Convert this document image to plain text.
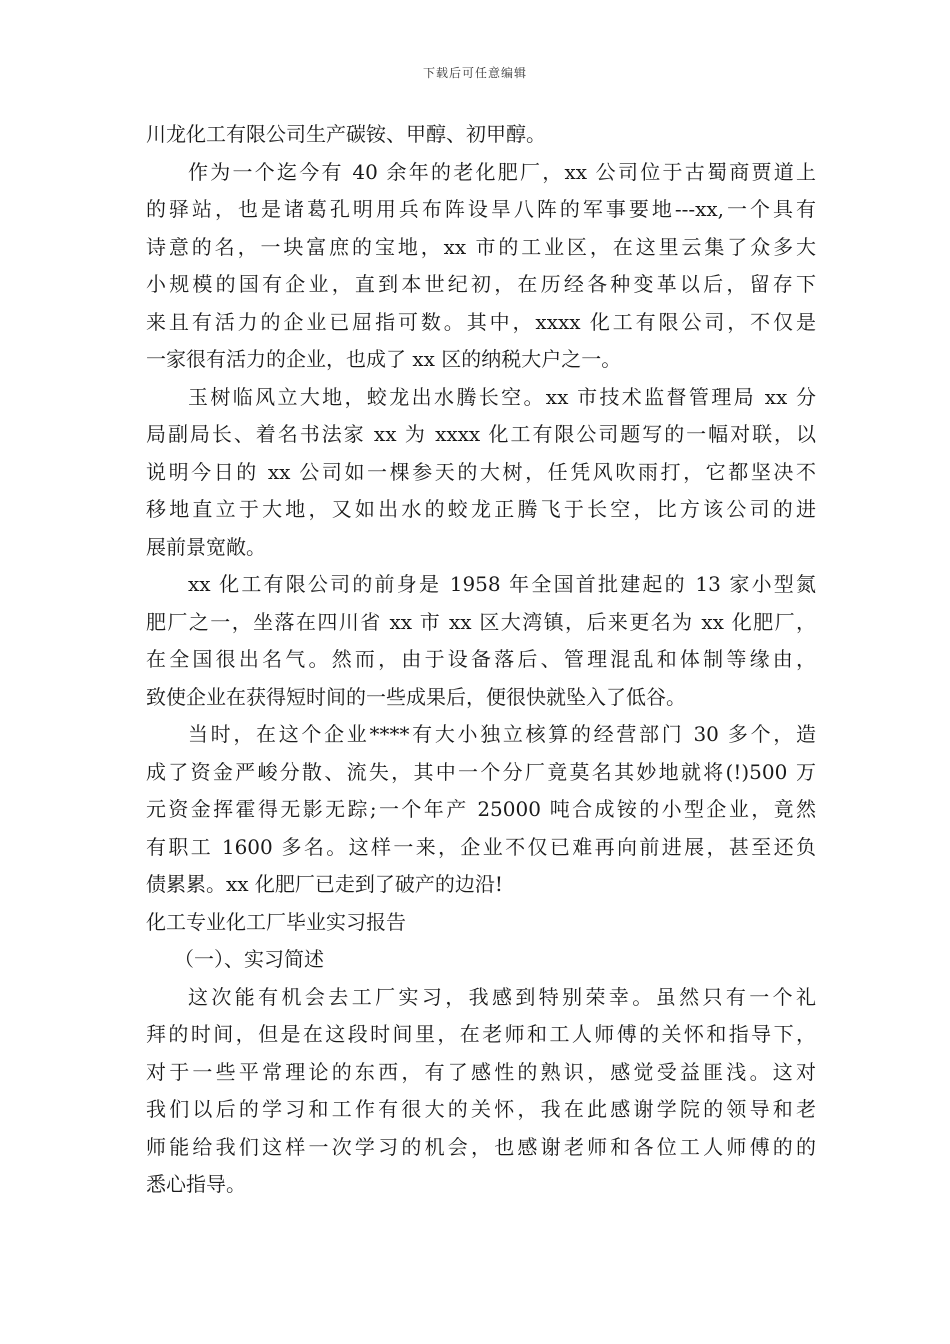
下载后可任意编辑
川龙化工有限公司生产碳铵、甲醇、初甲醇。
作为一个迄今有 40 余年的老化肥厂，xx 公司位于古蜀商贾道上
的驿站，也是诸葛孔明用兵布阵设旱八阵的军事要地---xx,一个具有
诗意的名，一块富庶的宝地，xx 市的工业区，在这里云集了众多大
小规模的国有企业，直到本世纪初，在历经各种变革以后，留存下
来且有活力的企业已屈指可数。其中，xxxx 化工有限公司，不仅是
一家很有活力的企业，也成了 xx 区的纳税大户之一。
玉树临风立大地，蛟龙出水腾长空。xx 市技术监督管理局 xx 分
局副局长、着名书法家 xx 为 xxxx 化工有限公司题写的一幅对联，以
说明今日的 xx 公司如一棵参天的大树，任凭风吹雨打，它都坚决不
移地直立于大地，又如出水的蛟龙正腾飞于长空，比方该公司的进
展前景宽敞。
xx 化工有限公司的前身是 1958 年全国首批建起的 13 家小型氮
肥厂之一，坐落在四川省 xx 市 xx 区大湾镇，后来更名为 xx 化肥厂，
在全国很出名气。然而，由于设备落后、管理混乱和体制等缘由，
致使企业在获得短时间的一些成果后，便很快就坠入了低谷。
当时，在这个企业****有大小独立核算的经营部门 30 多个，造
成了资金严峻分散、流失，其中一个分厂竟莫名其妙地就将(!)500 万
元资金挥霍得无影无踪;一个年产 25000 吨合成铵的小型企业，竟然
有职工 1600 多名。这样一来，企业不仅已难再向前进展，甚至还负
债累累。xx 化肥厂已走到了破产的边沿!
化工专业化工厂毕业实习报告
（一）、实习简述
这次能有机会去工厂实习，我感到特别荣幸。虽然只有一个礼
拜的时间，但是在这段时间里，在老师和工人师傅的关怀和指导下，
对于一些平常理论的东西，有了感性的熟识，感觉受益匪浅。这对
我们以后的学习和工作有很大的关怀，我在此感谢学院的领导和老
师能给我们这样一次学习的机会，也感谢老师和各位工人师傅的的
悉心指导。
